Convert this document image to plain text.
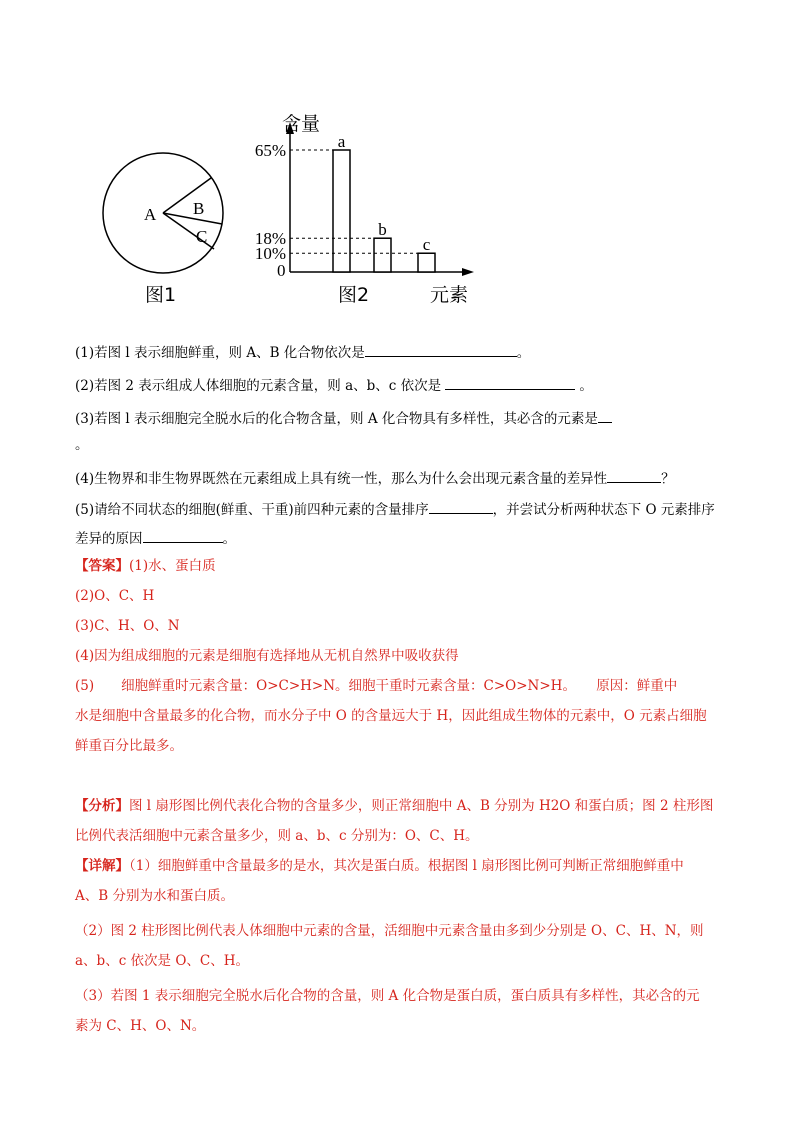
A B
C
图1
含量
元素
图2
0
65%	a
18%	b
10%	c
(1)若图 l 表示细胞鲜重，则 A、B 化合物依次是	。
(2)若图 2 表示组成人体细胞的元素含量，则 a、b、c 依次是	。
(3)若图 l 表示细胞完全脱水后的化合物含量，则 A 化合物具有多样性，其必含的元素是
。
(4)生物界和非生物界既然在元素组成上具有统一性，那么为什么会出现元素含量的差异性	？
(5)请给不同状态的细胞(鲜重、干重)前四种元素的含量排序	，并尝试分析两种状态下 O 元素排序
差异的原因	。
【答案】(1)水、蛋白质
(2)O、C、H
(3)C、H、O、N
(4)因为组成细胞的元素是细胞有选择地从无机自然界中吸收获得
(5)　　细胞鲜重时元素含量：O>C>H>N。细胞干重时元素含量：C>O>N>H。　　原因：鲜重中
水是细胞中含量最多的化合物，而水分子中 O 的含量远大于 H，因此组成生物体的元素中，O 元素占细胞
鲜重百分比最多。
【分析】图 l 扇形图比例代表化合物的含量多少，则正常细胞中 A、B 分别为 H2O 和蛋白质；图 2 柱形图
比例代表活细胞中元素含量多少，则 a、b、c 分别为：O、C、H。
【详解】（1）细胞鲜重中含量最多的是水，其次是蛋白质。根据图 l 扇形图比例可判断正常细胞鲜重中
A、B 分别为水和蛋白质。
（2）图 2 柱形图比例代表人体细胞中元素的含量，活细胞中元素含量由多到少分别是 O、C、H、N，则
a、b、c 依次是 O、C、H。
（3）若图 1 表示细胞完全脱水后化合物的含量，则 A 化合物是蛋白质，蛋白质具有多样性，其必含的元
素为 C、H、O、N。
